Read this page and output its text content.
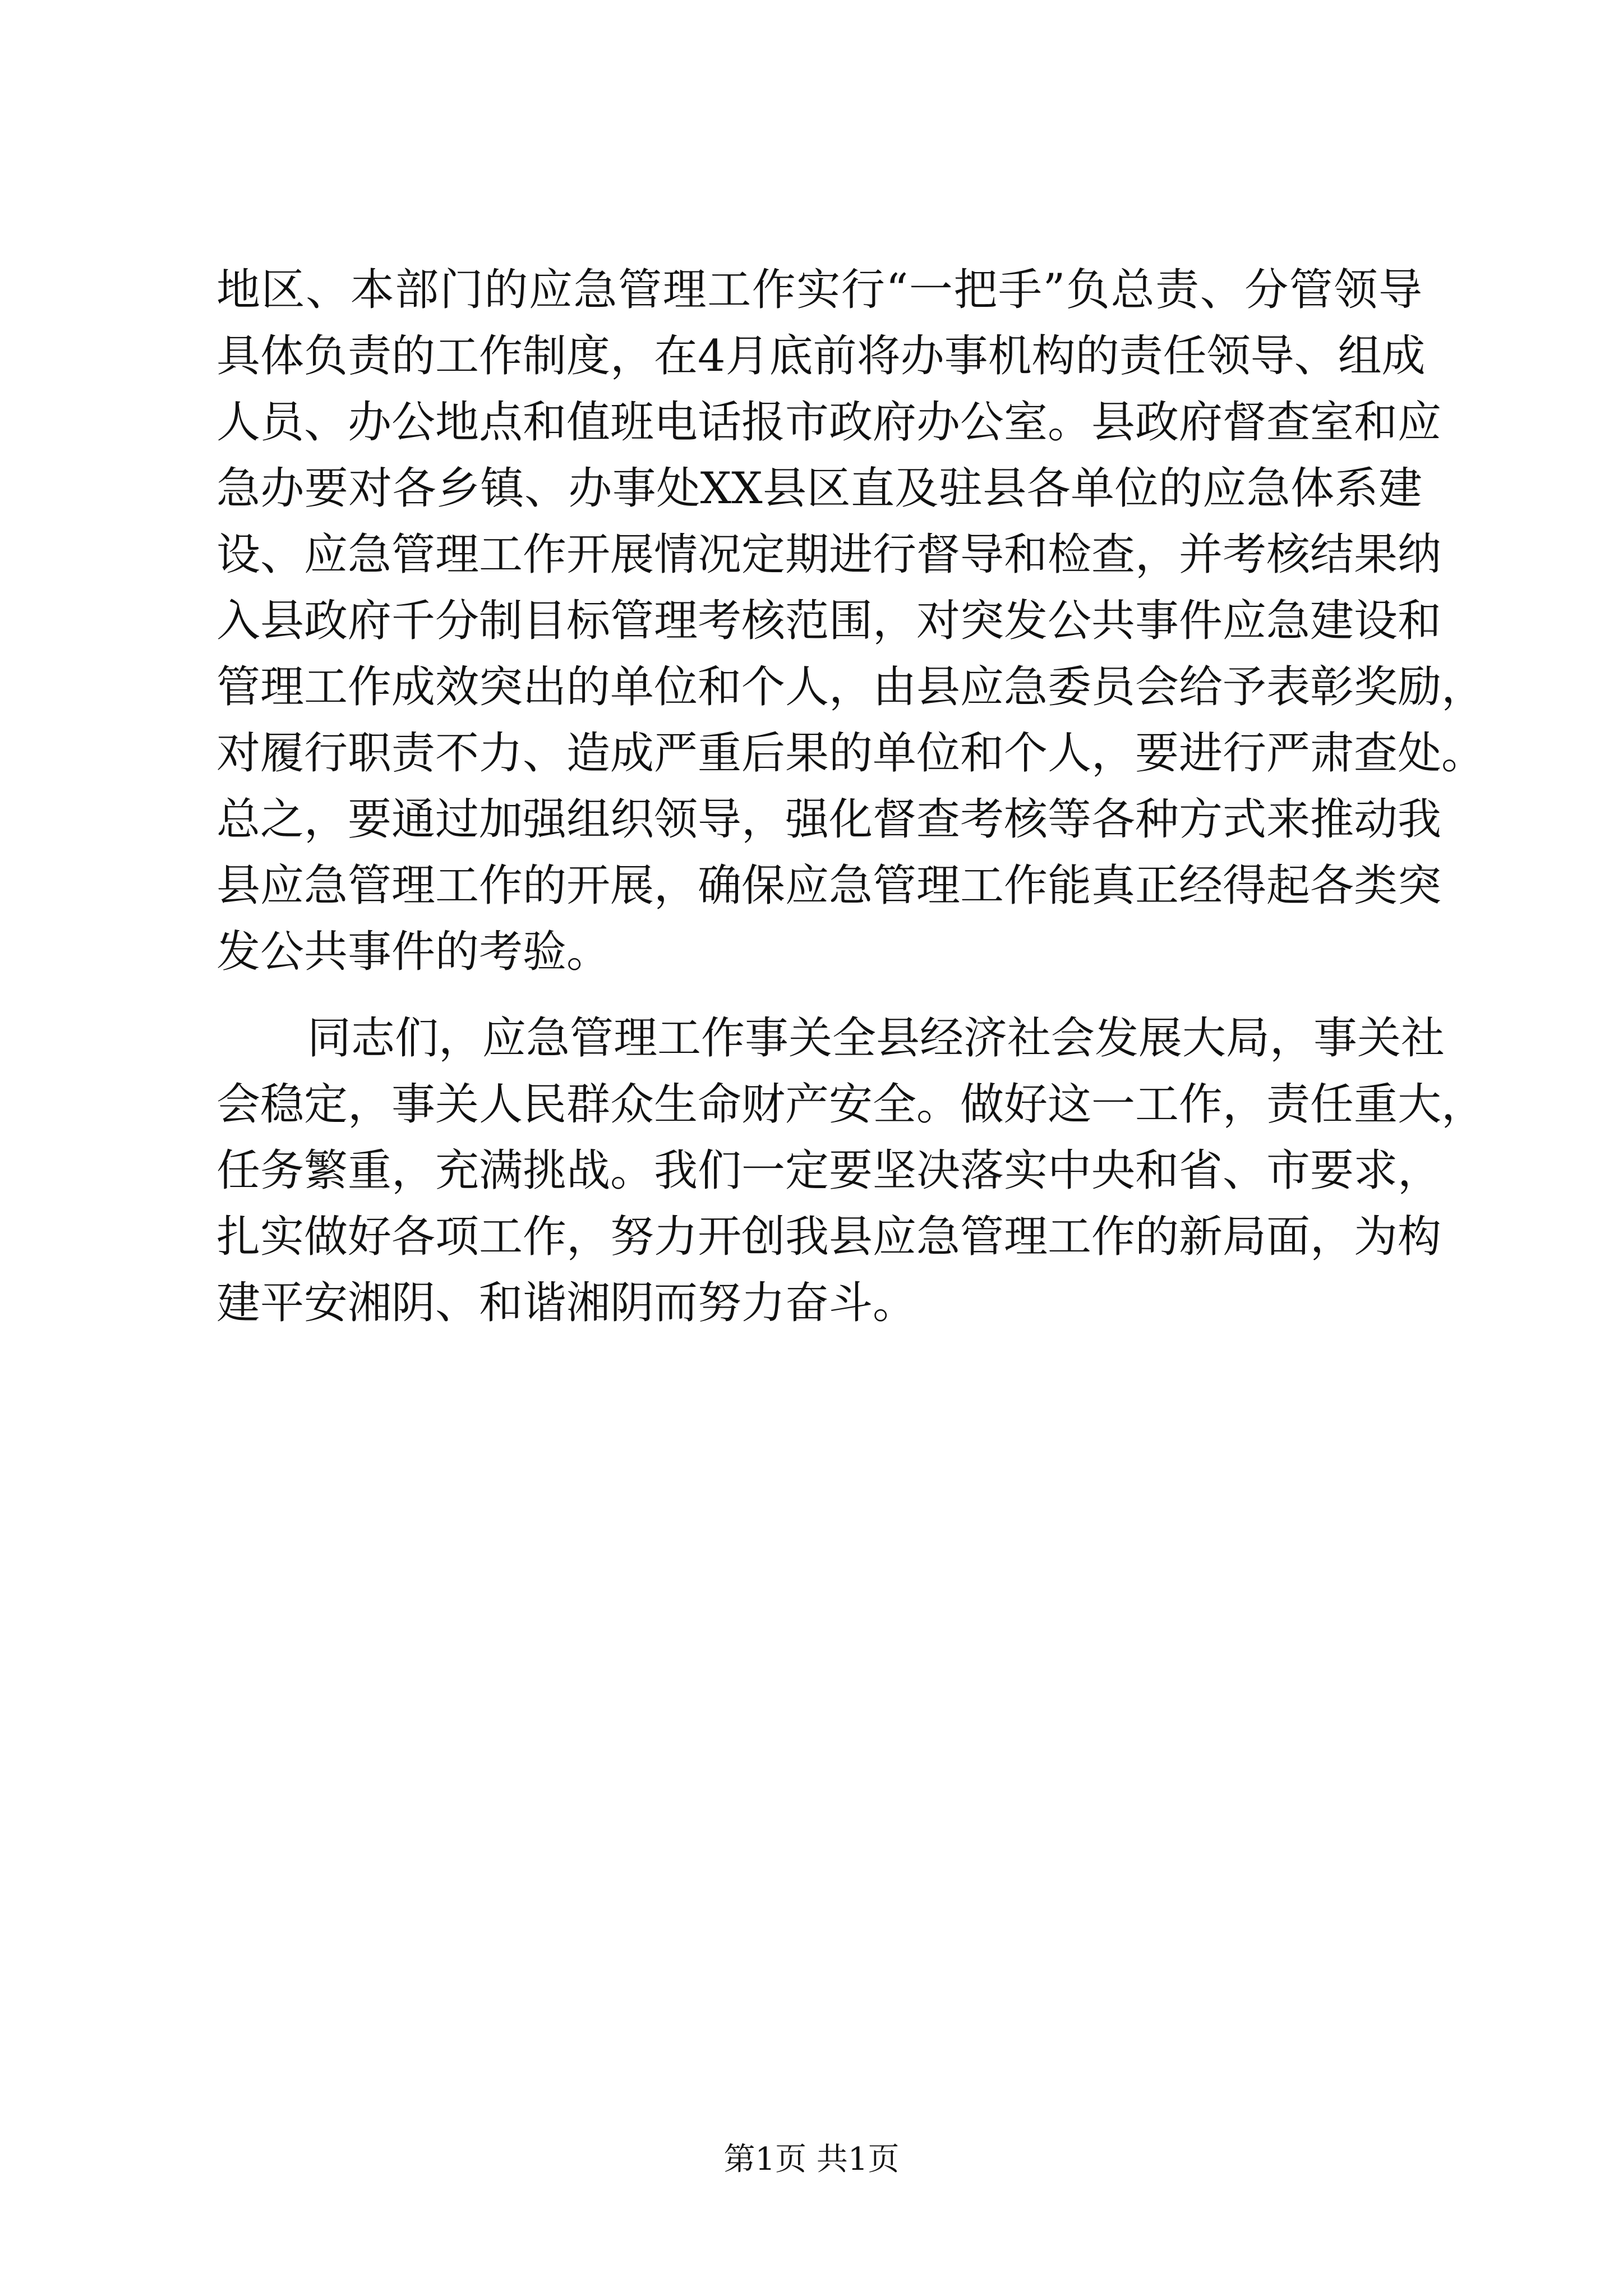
地区、本部门的应急管理工作实行“一把手”负总责、分管领导
具体负责的工作制度，在4月底前将办事机构的责任领导、组成
人员、办公地点和值班电话报市政府办公室。县政府督查室和应
急办要对各乡镇、办事处XX县区直及驻县各单位的应急体系建
设、应急管理工作开展情况定期进行督导和检查，并考核结果纳
入县政府千分制目标管理考核范围，对突发公共事件应急建设和
管理工作成效突出的单位和个人，由县应急委员会给予表彰奖励，
对履行职责不力、造成严重后果的单位和个人，要进行严肃查处。
总之，要通过加强组织领导，强化督查考核等各种方式来推动我
县应急管理工作的开展，确保应急管理工作能真正经得起各类突
发公共事件的考验。
同志们，应急管理工作事关全县经济社会发展大局，事关社
会稳定，事关人民群众生命财产安全。做好这一工作，责任重大，
任务繁重，充满挑战。我们一定要坚决落实中央和省、市要求，
扎实做好各项工作，努力开创我县应急管理工作的新局面，为构
建平安湘阴、和谐湘阴而努力奋斗。
第1页 共1页
